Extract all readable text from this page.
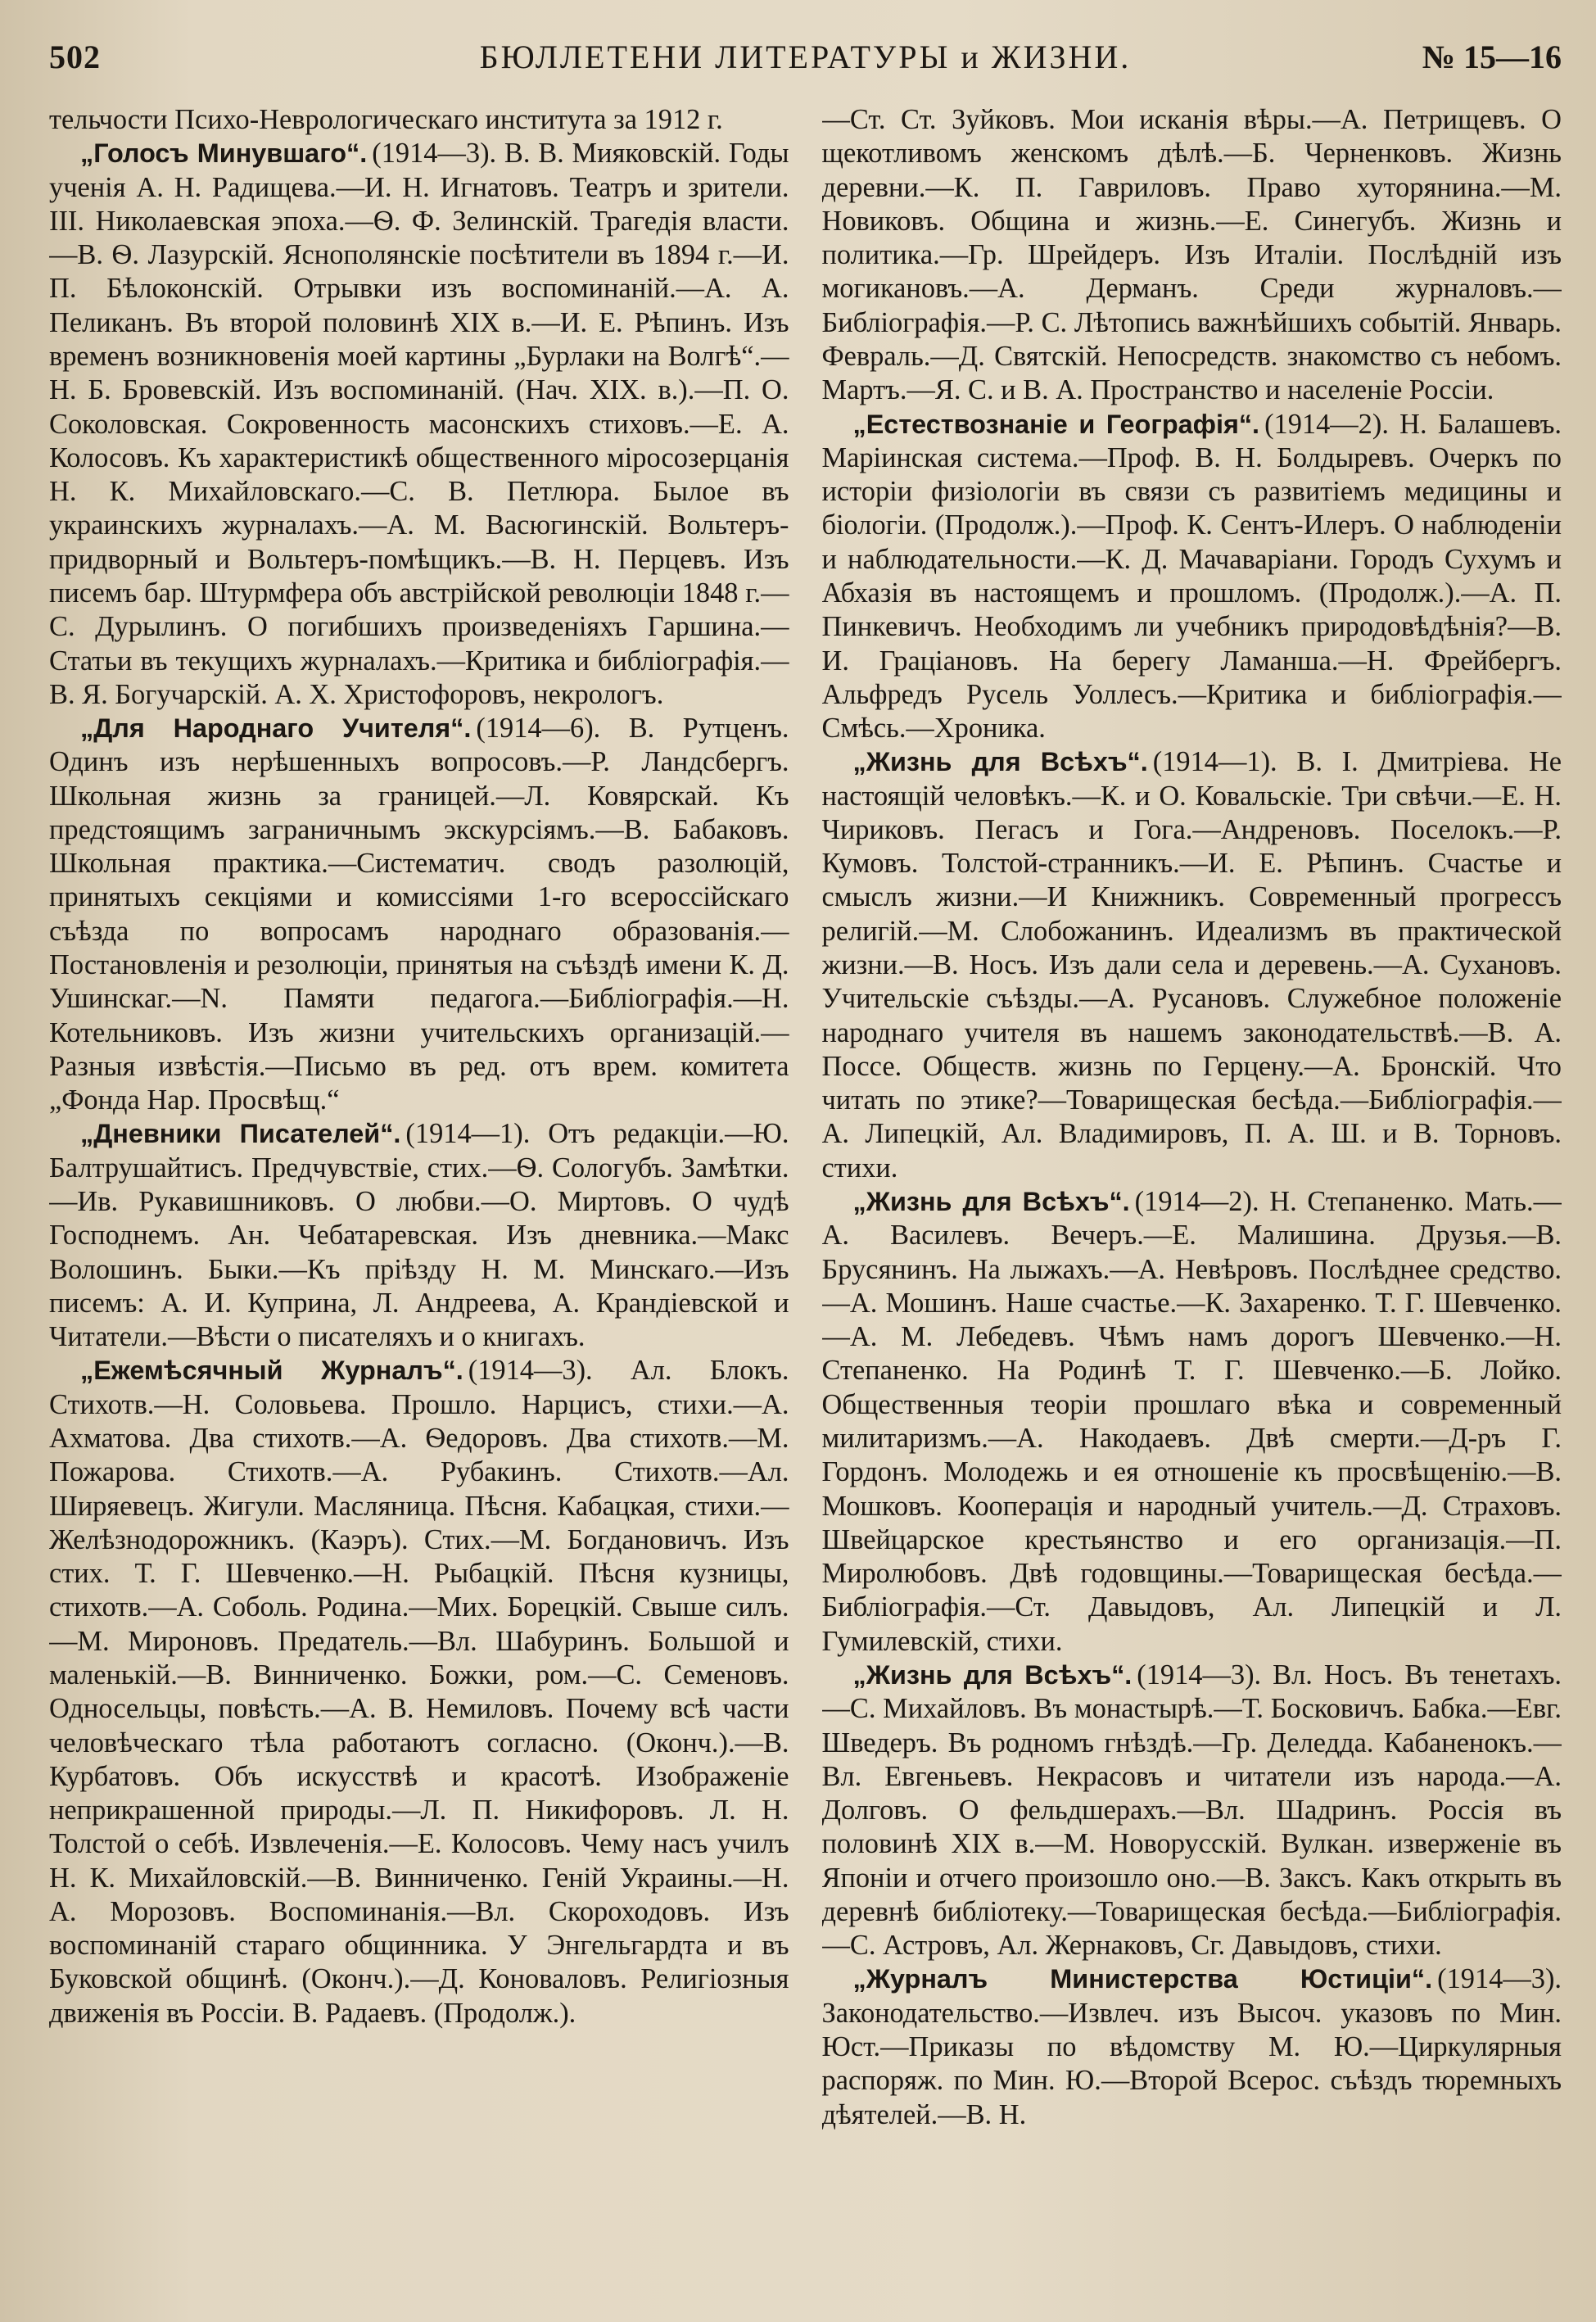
502	БЮЛЛЕТЕНИ ЛИТЕРАТУРЫ и ЖИЗНИ.	№ 15—16

тельчости Психо-Неврологическаго института за 1912 г.

„Голосъ Минувшаго“. (1914—3). В. В. Мияковскій. Годы ученія А. Н. Радищева.—И. Н. Игнатовъ. Театръ и зрители. III. Николаевская эпоха.—Ѳ. Ф. Зелинскій. Трагедія власти.—В. Ѳ. Лазурскій. Яснополянскіе посѣтители въ 1894 г.—И. П. Бѣлоконскій. Отрывки изъ воспоминаній.—А. А. Пеликанъ. Въ второй половинѣ XIX в.—И. Е. Рѣпинъ. Изъ временъ возникновенія моей картины „Бурлаки на Волгѣ“.—Н. Б. Бровевскій. Изъ воспоминаній. (Нач. XIX. в.).—П. О. Соколовская. Сокровенность масонскихъ стиховъ.—Е. А. Колосовъ. Къ характеристикѣ общественного міросозерцанія Н. К. Михайловскаго.—С. В. Петлюра. Былое въ украинскихъ журналахъ.—А. М. Васюгинскій. Вольтеръ-придворный и Вольтеръ-помѣщикъ.—В. Н. Перцевъ. Изъ писемъ бар. Штурмфера объ австрійской революціи 1848 г.—С. Дурылинъ. О погибшихъ произведеніяхъ Гаршина.—Статьи въ текущихъ журналахъ.—Критика и библіографія.—В. Я. Богучарскій. А. Х. Христофоровъ, некрологъ.

„Для Народнаго Учителя“. (1914—6). В. Рутценъ. Одинъ изъ нерѣшенныхъ вопросовъ.—Р. Ландсбергъ. Школьная жизнь за границей.—Л. Ковярскай. Къ предстоящимъ заграничнымъ экскурсіямъ.—В. Бабаковъ. Школьная практика.—Систематич. сводъ разолюцій, принятыхъ секціями и комиссіями 1-го всероссійскаго съѣзда по вопросамъ народнаго образованія.—Постановленія и резолюціи, принятыя на съѣздѣ имени К. Д. Ушинскаг.—N. Памяти педагога.—Библіографія.—Н. Котельниковъ. Изъ жизни учительскихъ организацій.—Разныя извѣстія.—Письмо въ ред. отъ врем. комитета „Фонда Нар. Просвѣщ.“

„Дневники Писателей“. (1914—1). Отъ редакціи.—Ю. Балтрушайтисъ. Предчувствіе, стих.—Ѳ. Сологубъ. Замѣтки.—Ив. Рукавишниковъ. О любви.—О. Миртовъ. О чудѣ Господнемъ. Ан. Чебатаревская. Изъ дневника.—Макс Волошинъ. Быки.—Къ пріѣзду Н. М. Минскаго.—Изъ писемъ: А. И. Куприна, Л. Андреева, А. Крандіевской и Читатели.—Вѣсти о писателяхъ и о книгахъ.

„Ежемѣсячный Журналъ“. (1914—3). Ал. Блокъ. Стихотв.—Н. Соловьева. Прошло. Нарцисъ, стихи.—А. Ахматова. Два стихотв.—А. Ѳедоровъ. Два стихотв.—М. Пожарова. Стихотв.—А. Рубакинъ. Стихотв.—Ал. Ширяевецъ. Жигули. Масляница. Пѣсня. Кабацкая, стихи.—Желѣзнодорожникъ. (Каэръ). Стих.—М. Богдановичъ. Изъ стих. Т. Г. Шевченко.—Н. Рыбацкій. Пѣсня кузницы, стихотв.—А. Соболь. Родина.—Мих. Борецкій. Свыше силъ.—М. Мироновъ. Предатель.—Вл. Шабуринъ. Большой и маленькій.—В. Винниченко. Божки, ром.—С. Семеновъ. Односельцы, повѣсть.—А. В. Немиловъ. Почему всѣ части человѣческаго тѣла работаютъ согласно. (Оконч.).—В. Курбатовъ. Объ искусствѣ и красотѣ. Изображеніе неприкрашенной природы.—Л. П. Никифоровъ. Л. Н. Толстой о себѣ. Извлеченія.—Е. Колосовъ. Чему насъ училъ Н. К. Михайловскій.—В. Винниченко. Геній Украины.—Н. А. Морозовъ. Воспоминанія.—Вл. Скороходовъ. Изъ воспоминаній стараго общинника. У Энгельгардта и въ Буковской общинѣ. (Оконч.).—Д. Коноваловъ. Религіозныя движенія въ Россіи. В. Радаевъ. (Продолж.).

—Ст. Ст. Зуйковъ. Мои исканія вѣры.—А. Петрищевъ. О щекотливомъ женскомъ дѣлѣ.—Б. Черненковъ. Жизнь деревни.—К. П. Гавриловъ. Право хуторянина.—М. Новиковъ. Община и жизнь.—Е. Синегубъ. Жизнь и политика.—Гр. Шрейдеръ. Изъ Италіи. Послѣдній изъ могикановъ.—А. Дерманъ. Среди журналовъ.—Библіографія.—Р. С. Лѣтопись важнѣйшихъ событій. Январь. Февраль.—Д. Святскій. Непосредств. знакомство съ небомъ. Мартъ.—Я. С. и В. А. Пространство и населеніе Россіи.

„Естествознаніе и Географія“. (1914—2). Н. Балашевъ. Маріинская система.—Проф. В. Н. Болдыревъ. Очеркъ по исторіи физіологіи въ связи съ развитіемъ медицины и біологіи. (Продолж.).—Проф. К. Сентъ-Илеръ. О наблюденіи и наблюдательности.—К. Д. Мачаваріани. Городъ Сухумъ и Абхазія въ настоящемъ и прошломъ. (Продолж.).—А. П. Пинкевичъ. Необходимъ ли учебникъ природовѣдѣнія?—В. И. Граціановъ. На берегу Ламанша.—Н. Фрейбергъ. Альфредъ Русель Уоллесъ.—Критика и библіографія.—Смѣсь.—Хроника.

„Жизнь для Всѣхъ“. (1914—1). В. І. Дмитріева. Не настоящій человѣкъ.—К. и О. Ковальскіе. Три свѣчи.—Е. Н. Чириковъ. Пегасъ и Гога.—Андреновъ. Поселокъ.—Р. Кумовъ. Толстой-странникъ.—И. Е. Рѣпинъ. Счастье и смыслъ жизни.—И Книжникъ. Современный прогрессъ религій.—М. Слобожанинъ. Идеализмъ въ практической жизни.—В. Носъ. Изъ дали села и деревень.—А. Сухановъ. Учительскіе съѣзды.—А. Русановъ. Служебное положеніе народнаго учителя въ нашемъ законодательствѣ.—В. А. Поссе. Обществ. жизнь по Герцену.—А. Бронскій. Что читать по этике?—Товарищеская бесѣда.—Библіографія.—А. Липецкій, Ал. Владимировъ, П. А. Ш. и В. Торновъ. стихи.

„Жизнь для Всѣхъ“. (1914—2). Н. Степаненко. Мать.—А. Василевъ. Вечеръ.—Е. Малишина. Друзья.—В. Брусянинъ. На лыжахъ.—А. Невѣровъ. Послѣднее средство.—А. Мошинъ. Наше счастье.—К. Захаренко. Т. Г. Шевченко.—А. М. Лебедевъ. Чѣмъ намъ дорогъ Шевченко.—Н. Степаненко. На Родинѣ Т. Г. Шевченко.—Б. Лойко. Общественныя теоріи прошлаго вѣка и современный милитаризмъ.—А. Накодаевъ. Двѣ смерти.—Д-ръ Г. Гордонъ. Молодежь и ея отношеніе къ просвѣщенію.—В. Мошковъ. Кооперація и народный учитель.—Д. Страховъ. Швейцарское крестьянство и его организація.—П. Миролюбовъ. Двѣ годовщины.—Товарищеская бесѣда.—Библіографія.—Ст. Давыдовъ, Ал. Липецкій и Л. Гумилевскій, стихи.

„Жизнь для Всѣхъ“. (1914—3). Вл. Носъ. Въ тенетахъ.—С. Михайловъ. Въ монастырѣ.—Т. Босковичъ. Бабка.—Евг. Шведеръ. Въ родномъ гнѣздѣ.—Гр. Деледда. Кабаненокъ.—Вл. Евгеньевъ. Некрасовъ и читатели изъ народа.—А. Долговъ. О фельдшерахъ.—Вл. Шадринъ. Россія въ половинѣ XIX в.—М. Новорусскій. Вулкан. изверженіе въ Японіи и отчего произошло оно.—В. Заксъ. Какъ открыть въ деревнѣ библіотеку.—Товарищеская бесѣда.—Библіографія.—С. Астровъ, Ал. Жернаковъ, Сг. Давыдовъ, стихи.

„Журналъ Министерства Юстиціи“. (1914—3). Законодательство.—Извлеч. изъ Высоч. указовъ по Мин. Юст.—Приказы по вѣдомству М. Ю.—Циркулярныя распоряж. по Мин. Ю.—Второй Всерос. съѣздъ тюремныхъ дѣятелей.—В. Н.
